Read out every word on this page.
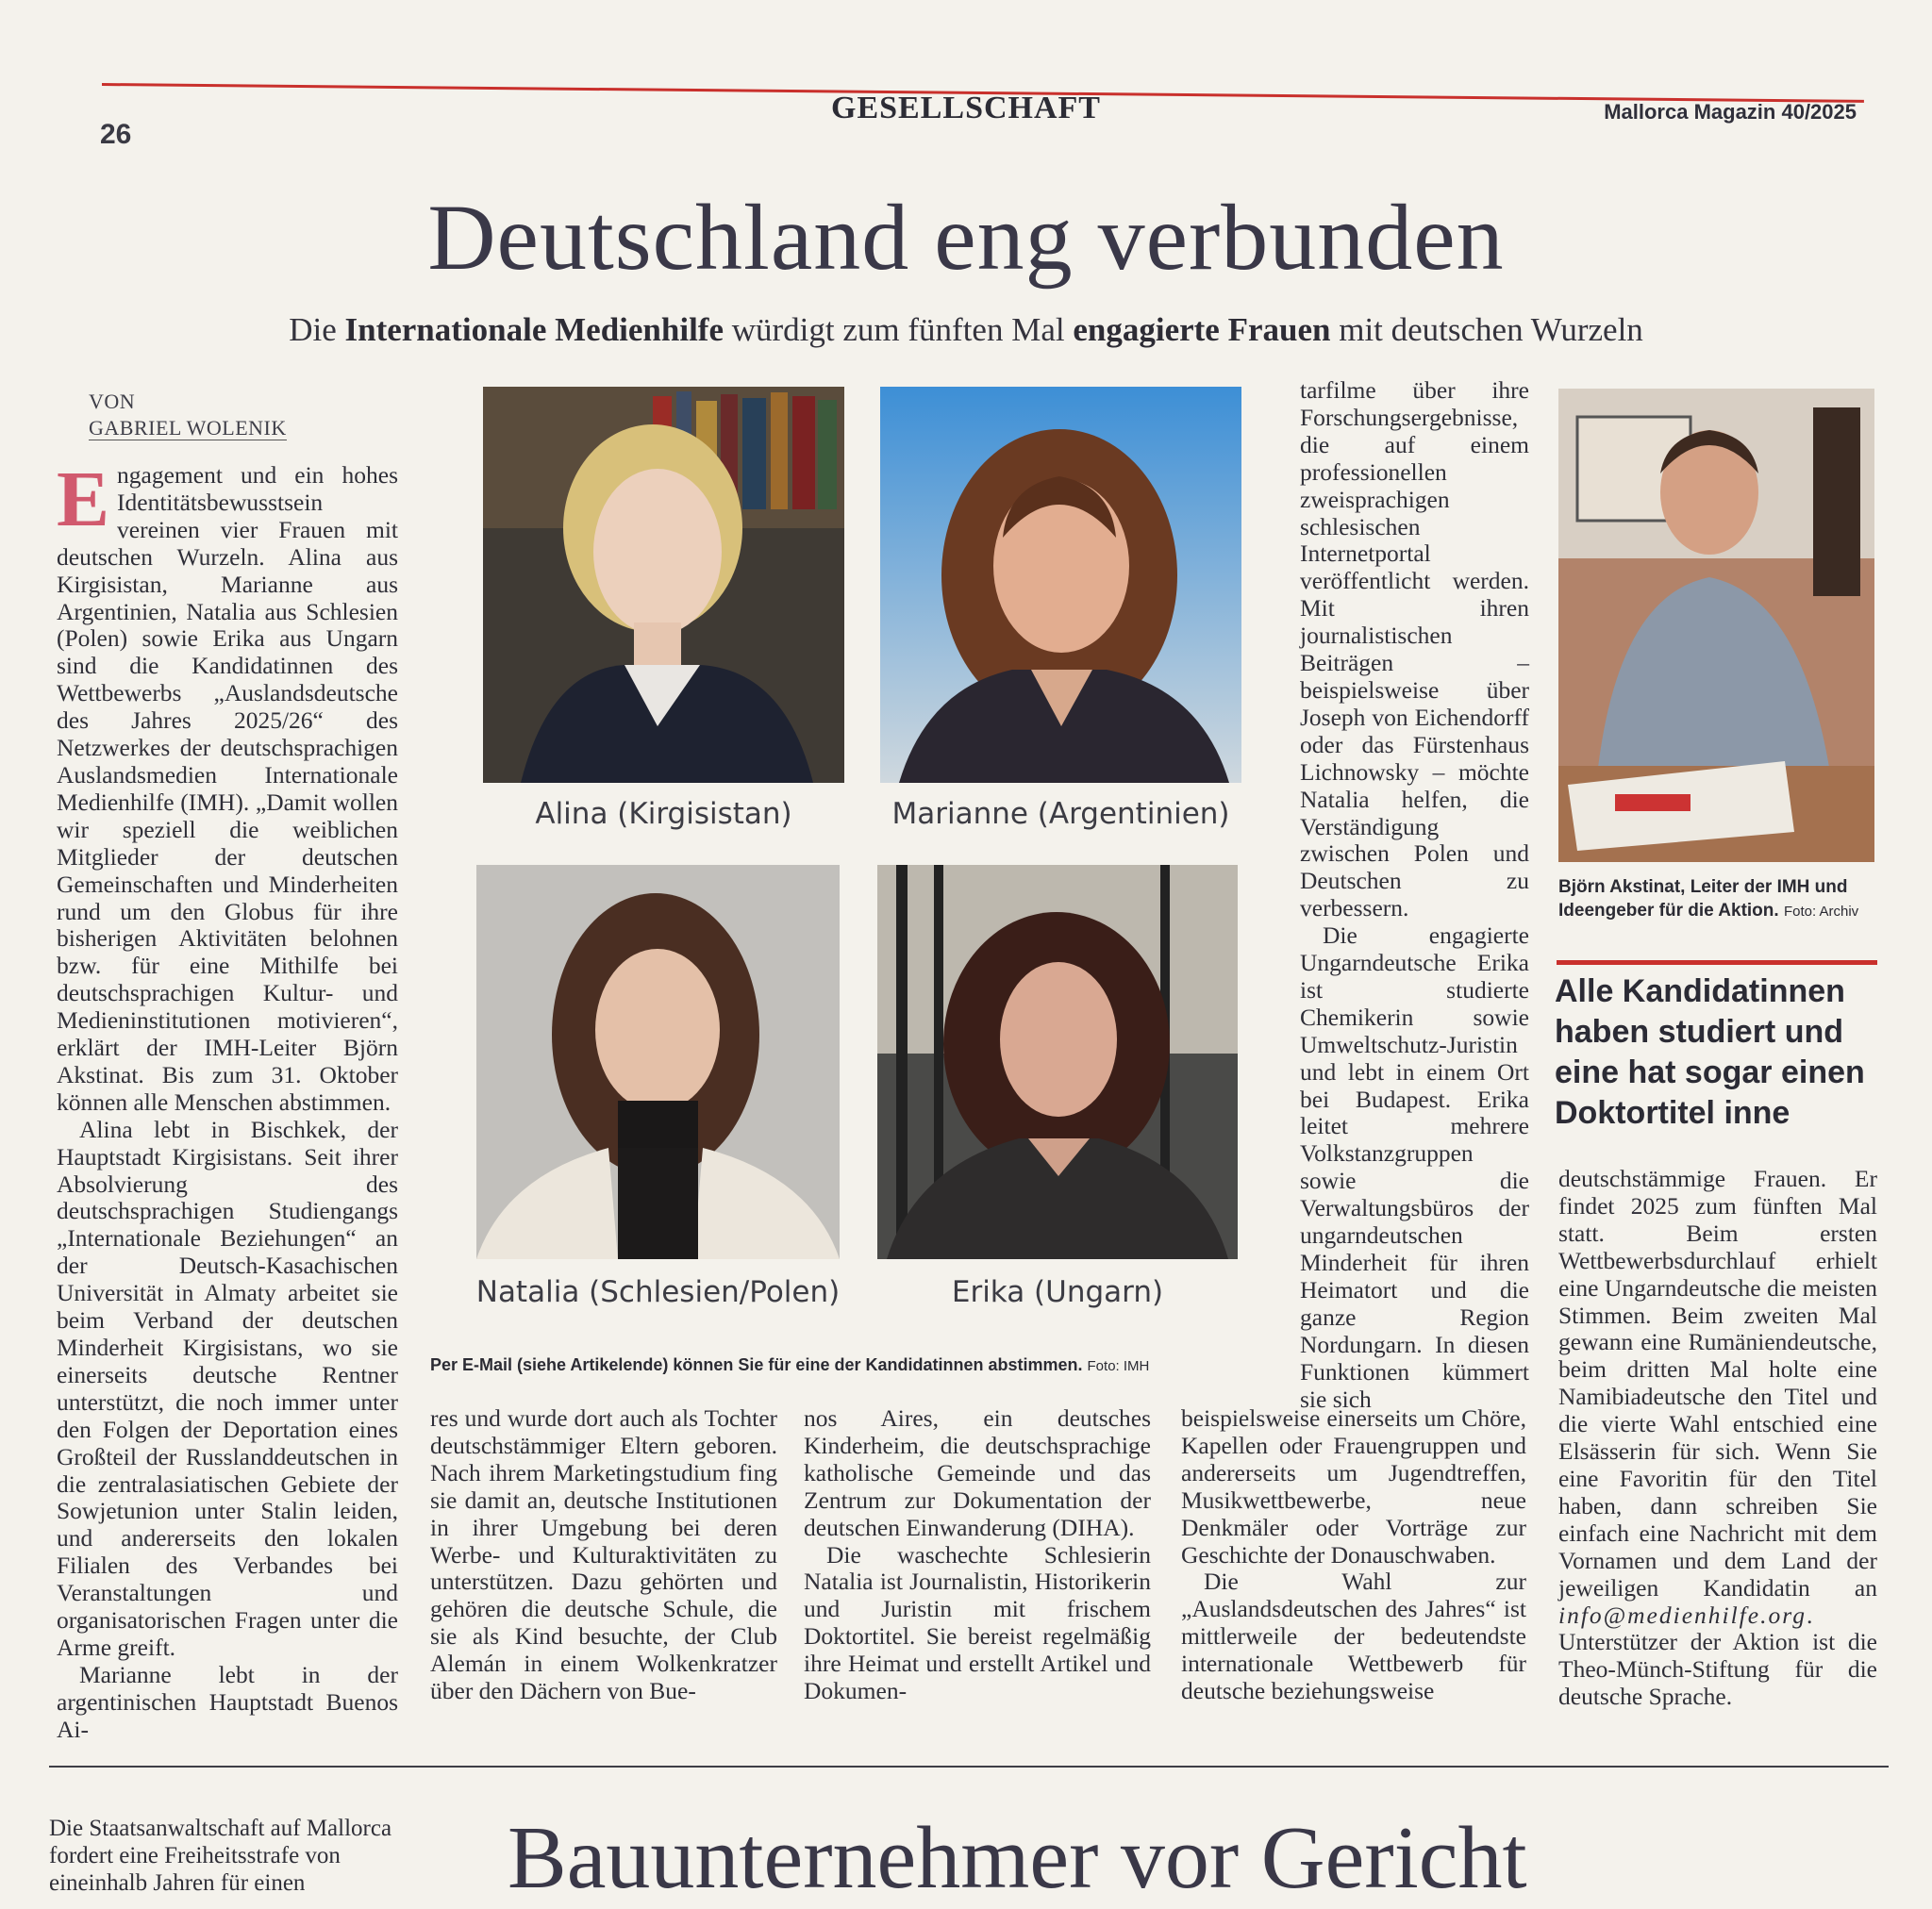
26
GESELLSCHAFT	Mallorca Magazin 40/2025
Deutschland eng verbunden
Die Internationale Medienhilfe würdigt zum fünften Mal engagierte Frauen mit deutschen Wurzeln
VON
GABRIEL WOLENIK

Engagement und ein hohes Identitätsbewusstsein vereinen vier Frauen mit deutschen Wurzeln. Alina aus Kirgisistan, Marianne aus Argentinien, Natalia aus Schlesien (Polen) sowie Erika aus Ungarn sind die Kandidatinnen des Wettbewerbs „Auslandsdeutsche des Jahres 2025/26“ des Netzwerkes der deutschsprachigen Auslandsmedien Internationale Medienhilfe (IMH). „Damit wollen wir speziell die weiblichen Mitglieder der deutschen Gemeinschaften und Minderheiten rund um den Globus für ihre bisherigen Aktivitäten belohnen bzw. für eine Mithilfe bei deutschsprachigen Kultur- und Medieninstitutionen motivieren“, erklärt der IMH-Leiter Björn Akstinat. Bis zum 31. Oktober können alle Menschen abstimmen.

Alina lebt in Bischkek, der Hauptstadt Kirgisistans. Seit ihrer Absolvierung des deutschsprachigen Studiengangs „Internationale Beziehungen“ an der Deutsch-Kasachischen Universität in Almaty arbeitet sie beim Verband der deutschen Minderheit Kirgisistans, wo sie einerseits deutsche Rentner unterstützt, die noch immer unter den Folgen der Deportation eines Großteil der Russlanddeutschen in die zentralasiatischen Gebiete der Sowjetunion unter Stalin leiden, und andererseits den lokalen Filialen des Verbandes bei Veranstaltungen und organisatorischen Fragen unter die Arme greift.

Marianne lebt in der argentinischen Hauptstadt Buenos Ai-

Alina (Kirgisistan)	Marianne (Argentinien)
Natalia (Schlesien/Polen)	Erika (Ungarn)
Per E-Mail (siehe Artikelende) können Sie für eine der Kandidatinnen abstimmen. Foto: IMH

tarfilme über ihre Forschungsergebnisse, die auf einem professionellen zweisprachigen schlesischen Internetportal veröffentlicht werden. Mit ihren journalistischen Beiträgen – beispielsweise über Joseph von Eichendorff oder das Fürstenhaus Lichnowsky – möchte Natalia helfen, die Verständigung zwischen Polen und Deutschen zu verbessern.

Die engagierte Ungarndeutsche Erika ist studierte Chemikerin sowie Umweltschutz-Juristin und lebt in einem Ort bei Budapest. Erika leitet mehrere Volkstanzgruppen sowie die Verwaltungsbüros der ungarndeutschen Minderheit für ihren Heimatort und die ganze Region Nordungarn. In diesen Funktionen kümmert sie sich

Björn Akstinat, Leiter der IMH und Ideengeber für die Aktion. Foto: Archiv
Alle Kandidatinnen haben studiert und eine hat sogar einen Doktortitel inne

deutschstämmige Frauen. Er findet 2025 zum fünften Mal statt. Beim ersten Wettbewerbsdurchlauf erhielt eine Ungarndeutsche die meisten Stimmen. Beim zweiten Mal gewann eine Rumäniendeutsche, beim dritten Mal holte eine Namibiadeutsche den Titel und die vierte Wahl entschied eine Elsässerin für sich. Wenn Sie eine Favoritin für den Titel haben, dann schreiben Sie einfach eine Nachricht mit dem Vornamen und dem Land der jeweiligen Kandidatin an info@medienhilfe.org. Unterstützer der Aktion ist die Theo-Münch-Stiftung für die deutsche Sprache.

res und wurde dort auch als Tochter deutschstämmiger Eltern geboren. Nach ihrem Marketingstudium fing sie damit an, deutsche Institutionen in ihrer Umgebung bei deren Werbe- und Kulturaktivitäten zu unterstützen. Dazu gehörten und gehören die deutsche Schule, die sie als Kind besuchte, der Club Alemán in einem Wolkenkratzer über den Dächern von Bue-

nos Aires, ein deutsches Kinderheim, die deutschsprachige katholische Gemeinde und das Zentrum zur Dokumentation der deutschen Einwanderung (DIHA).

Die waschechte Schlesierin Natalia ist Journalistin, Historikerin und Juristin mit frischem Doktortitel. Sie bereist regelmäßig ihre Heimat und erstellt Artikel und Dokumen-

beispielsweise einerseits um Chöre, Kapellen oder Frauengruppen und andererseits um Jugendtreffen, Musikwettbewerbe, neue Denkmäler oder Vorträge zur Geschichte der Donauschwaben.

Die Wahl zur „Auslandsdeutschen des Jahres“ ist mittlerweile der bedeutendste internationale Wettbewerb für deutsche beziehungsweise

Die Staatsanwaltschaft auf Mallorca fordert eine Freiheitsstrafe von eineinhalb Jahren für einen	Bauunternehmer vor Gericht
